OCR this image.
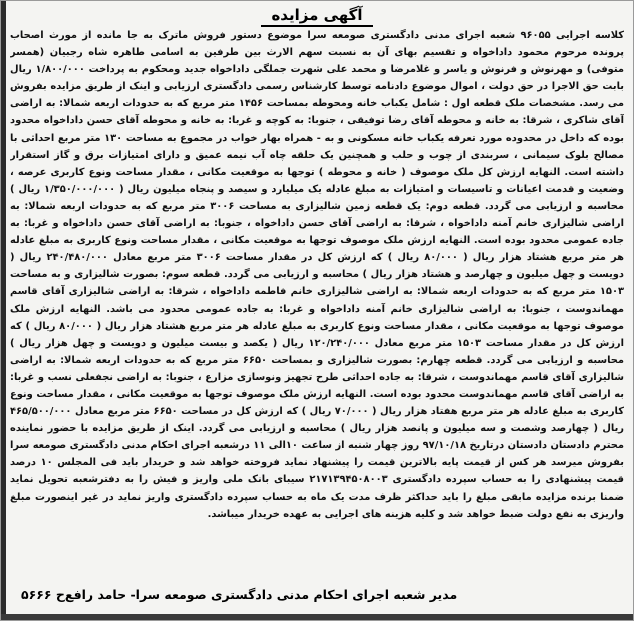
آگهی مزایده
کلاسه اجرایی ۹۶۰۵۵ شعبه اجرای مدنی دادگستری صومعه سرا موضوع دستور فروش ماترک به جا مانده از مورث اصحاب پرونده مرحوم محمود داداخواه و تقسیم بهای آن به نسبت سهم الارث بین طرفین به اسامی طاهره شاه رجبیان (همسر متوفی) و مهرنوش و فرنوش و یاسر و غلامرضا و محمد علی شهرت جملگی داداخواه جدید ومحکوم به پرداخت ۱/۸۰۰/۰۰۰ ریال بابت حق الاجرا در حق دولت ، اموال موضوع دادنامه توسط کارشناس رسمی دادگستری ارزیابی و اینک از طریق مزایده بفروش می رسد. مشخصات ملک قطعه اول : شامل یکباب خانه ومحوطه بمساحت ۱۴۵۶ متر مربع که به حدودات اربعه شمالا: به اراضی آقای شاکری ، شرقا: به خانه و محوطه آقای رضا توفیقی ، جنوبا: به کوچه و غربا: به خانه و محوطه آقای حسن داداخواه محدود بوده که داخل در محدوده مورد تعرفه یکباب خانه مسکونی و به - همراه بهار خواب در مجموع به مساحت ۱۳۰ متر مربع احداثی با مصالح بلوک سیمانی ، سربندی از چوب و حلب و همچنین یک حلقه چاه آب نیمه عمیق و دارای امتیازات برق و گاز استقرار داشته است. النهایه ارزش کل ملک موصوف ( خانه و محوطه ) توجها به موقعیت مکانی ، مقدار مساحت ونوع کاربری عرصه ، وضعیت و قدمت اعیانات و تاسیسات و امتیازات به مبلغ عادله یک میلیارد و سیصد و پنجاه میلیون ریال ( ۱/۳۵۰/۰۰۰/۰۰۰ ریال ) محاسبه و ارزیابی می گردد. قطعه دوم: یک قطعه زمین شالیزاری به مساحت ۳۰۰۶ متر مربع که به حدودات اربعه شمالا: به اراضی شالیزاری خانم آمنه داداخواه ، شرقا: به اراضی آقای حسن داداخواه ، جنوبا: به اراضی آقای حسن داداخواه و غربا: به جاده عمومی محدود بوده است. النهایه ارزش ملک موصوف توجها به موقعیت مکانی ، مقدار مساحت ونوع کاربری به مبلغ عادله هر متر مربع هشتاد هزار ریال ( ۸۰/۰۰۰ ریال ) که ارزش کل در مقدار مساحت ۳۰۰۶ متر مربع معادل ۲۴۰/۴۸۰/۰۰۰ ریال ( دویست و چهل میلیون و چهارصد و هشتاد هزار ریال ) محاسبه و ارزیابی می گردد. قطعه سوم: بصورت شالیزاری و به مساحت ۱۵۰۳ متر مربع که به حدودات اربعه شمالا: به اراضی شالیزاری خانم فاطمه داداخواه ، شرقا: به اراضی شالیزاری آقای قاسم مهماندوست ، جنوبا: به اراضی شالیزاری خانم آمنه داداخواه و غربا: به جاده عمومی محدود می باشد. النهایه ارزش ملک موصوف توجها به موقعیت مکانی ، مقدار مساحت ونوع کاربری به مبلغ عادله هر متر مربع هشتاد هزار ریال ( ۸۰/۰۰۰ ریال ) که ارزش کل در مقدار مساحت ۱۵۰۳ متر مربع معادل ۱۲۰/۲۴۰/۰۰۰ ریال ( یکصد و بیست میلیون و دویست و چهل هزار ریال ) محاسبه و ارزیابی می گردد. قطعه چهارم: بصورت شالیزاری و بمساحت ۶۶۵۰ متر مربع که به حدودات اربعه شمالا: به اراضی شالیزاری آقای قاسم مهماندوست ، شرقا: به جاده احداثی طرح تجهیز ونوسازی مزارع ، جنوبا: به اراضی نجفعلی نسب و غربا: به اراضی آقای قاسم مهماندوست محدود بوده است. النهایه ارزش ملک موصوف توجها به موقعیت مکانی ، مقدار مساحت ونوع کاربری به مبلغ عادله هر متر مربع هفتاد هزار ریال ( ۷۰/۰۰۰ ریال ) که ارزش کل در مساحت ۶۶۵۰ متر مربع معادل ۴۶۵/۵۰۰/۰۰۰ ریال ( چهارصد وشصت و سه میلیون و پانصد هزار ریال ) محاسبه و ارزیابی می گردد. اینک از طریق مزایده با حضور نماینده محترم دادستان دادستان درتاریخ ۹۷/۱۰/۱۸ روز چهار شنبه از ساعت ۱۰الی ۱۱ درشعبه اجرای احکام مدنی دادگستری صومعه سرا بفروش میرسد هر کس از قیمت پایه بالاترین قیمت را پیشنهاد نماید فروخته خواهد شد و خریدار باید فی المجلس ۱۰ درصد قیمت پیشنهادی را به حساب سپرده دادگستری ۲۱۷۱۳۹۴۵۰۸۰۰۳ سیبای بانک ملی واریز و فیش را به دفترشعبه تحویل نماید ضمنا برنده مزایده مابقی مبلغ را باید حداکثر ظرف مدت یک ماه به حساب سپرده دادگستری واریز نماید در غیر اینصورت مبلغ واریزی به نفع دولت ضبط خواهد شد و کلیه هزینه های اجرایی به عهده خریدار میباشد.
ح ۵۶۶۶ مدیر شعبه اجرای احکام مدنی دادگستری صومعه سرا- حامد رافع
